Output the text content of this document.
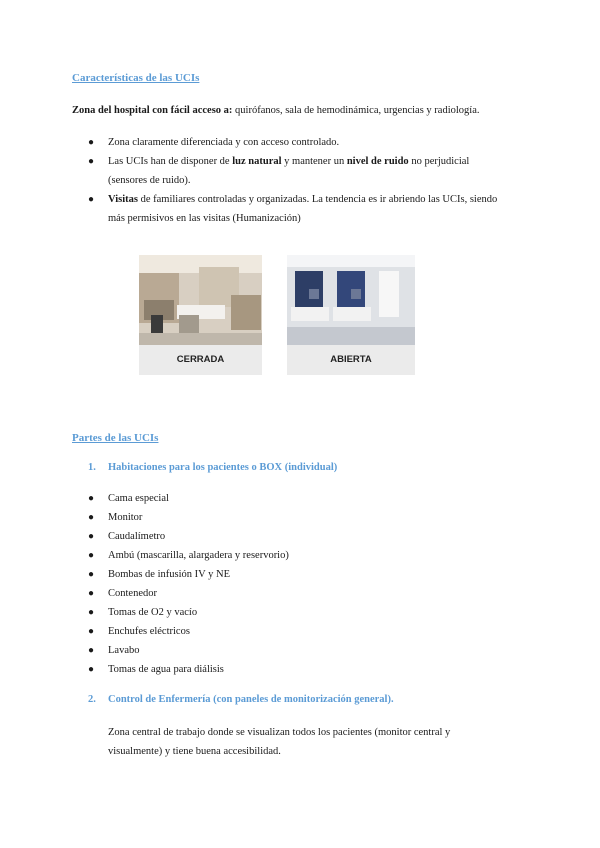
Características de las UCIs
Zona del hospital con fácil acceso a: quirófanos, sala de hemodinámica, urgencias y radiología.
●	Zona claramente diferenciada y con acceso controlado.
●	Las UCIs han de disponer de luz natural y mantener un nivel de ruido no perjudicial
(sensores de ruido).
●	Visitas de familiares controladas y organizadas. La tendencia es ir abriendo las UCIs, siendo
más permisivos en las visitas (Humanización)
CERRADA	ABIERTA
Partes de las UCIs
1. Habitaciones para los pacientes o BOX (individual)
●	Cama especial
●	Monitor
●	Caudalímetro
●	Ambú (mascarilla, alargadera y reservorio)
●	Bombas de infusión IV y NE
●	Contenedor
●	Tomas de O2 y vacío
●	Enchufes eléctricos
●	Lavabo
●	Tomas de agua para diálisis
2. Control de Enfermería (con paneles de monitorización general).
Zona central de trabajo donde se visualizan todos los pacientes (monitor central y
visualmente) y tiene buena accesibilidad.
